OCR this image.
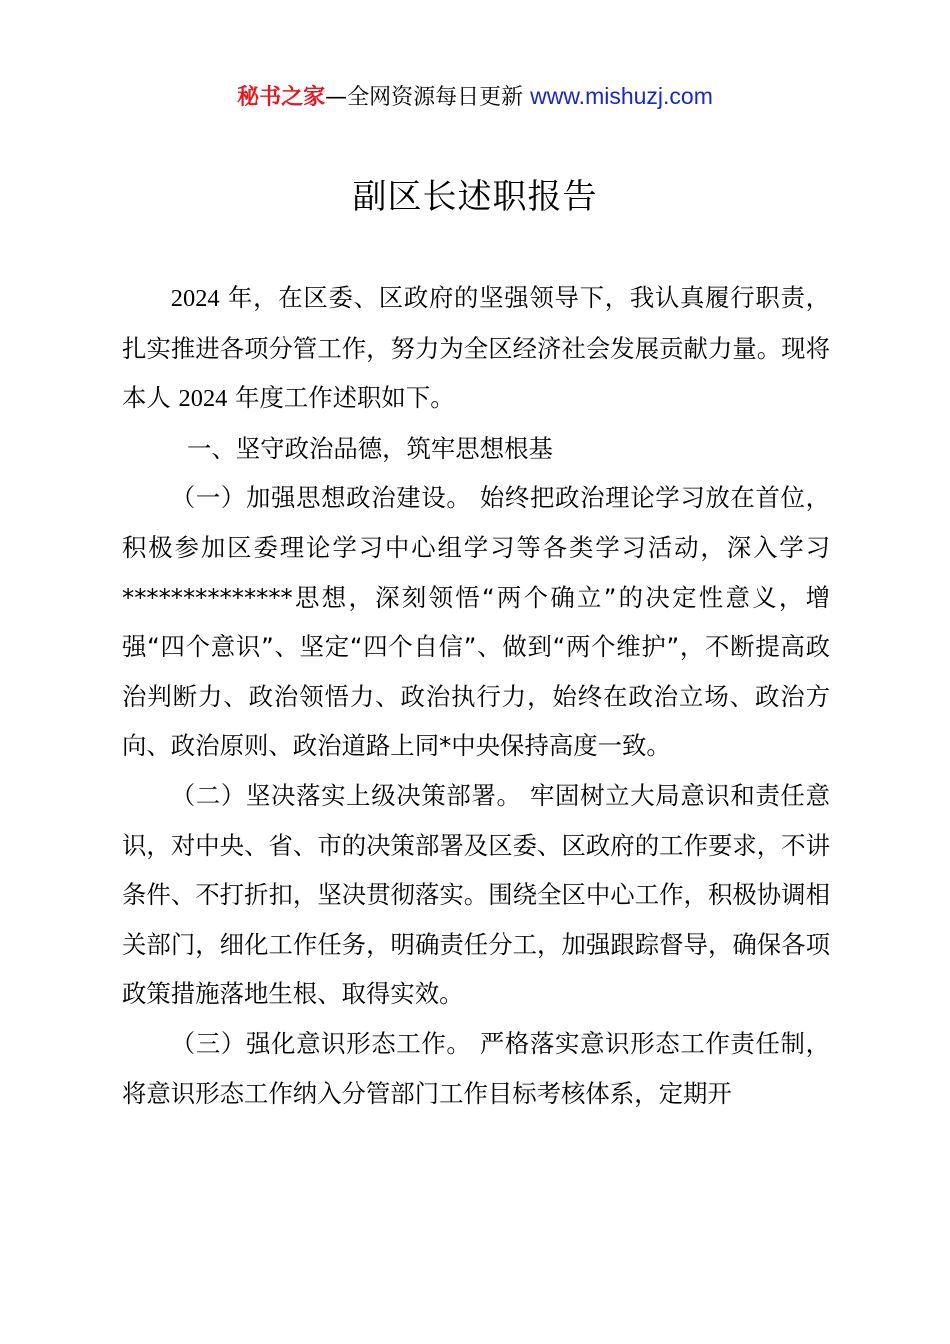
秘书之家—全网资源每日更新 www.mishuzj.com
副区长述职报告

2024 年，在区委、区政府的坚强领导下，我认真履行职责，扎实推进各项分管工作，努力为全区经济社会发展贡献力量。现将本人 2024 年度工作述职如下。

一、坚守政治品德，筑牢思想根基

（一）加强思想政治建设。 始终把政治理论学习放在首位，积极参加区委理论学习中心组学习等各类学习活动，深入学习**************思想，深刻领悟“两个确立”的决定性意义，增强“四个意识”、坚定“四个自信”、做到“两个维护”，不断提高政治判断力、政治领悟力、政治执行力，始终在政治立场、政治方向、政治原则、政治道路上同*中央保持高度一致。

（二）坚决落实上级决策部署。 牢固树立大局意识和责任意识，对中央、省、市的决策部署及区委、区政府的工作要求，不讲条件、不打折扣，坚决贯彻落实。围绕全区中心工作，积极协调相关部门，细化工作任务，明确责任分工，加强跟踪督导，确保各项政策措施落地生根、取得实效。

（三）强化意识形态工作。 严格落实意识形态工作责任制，将意识形态工作纳入分管部门工作目标考核体系，定期开
